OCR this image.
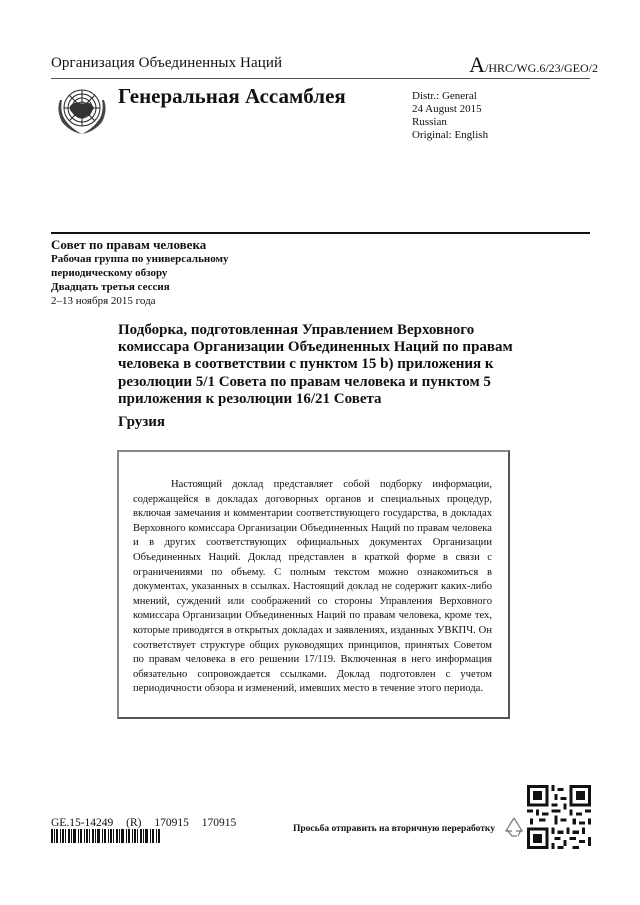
Организация Объединенных Наций	A/HRC/WG.6/23/GEO/2
Генеральная Ассамблея	Distr.: General
24 August 2015
Russian
Original: English
Совет по правам человека
Рабочая группа по универсальному
периодическому обзору
Двадцать третья сессия
2–13 ноября 2015 года
Подборка, подготовленная Управлением Верховного комиссара Организации Объединенных Наций по правам человека в соответствии с пунктом 15 b) приложения к резолюции 5/1 Совета по правам человека и пунктом 5 приложения к резолюции 16/21 Совета
Грузия

Настоящий доклад представляет собой подборку информации, содержащейся в докладах договорных органов и специальных процедур, включая замечания и комментарии соответствующего государства, в докладах Верховного комиссара Организации Объединенных Наций по правам человека и в других соответствующих официальных документах Организации Объединенных Наций. Доклад представлен в краткой форме в связи с ограничениями по объему. С полным текстом можно ознакомиться в документах, указанных в ссылках. Настоящий доклад не содержит каких-либо мнений, суждений или соображений со стороны Управления Верховного комиссара Организации Объединенных Наций по правам человека, кроме тех, которые приводятся в открытых докладах и заявлениях, изданных УВКПЧ. Он соответствует структуре общих руководящих принципов, принятых Советом по правам человека в его решении 17/119. Включенная в него информация обязательно сопровождается ссылками. Доклад подготовлен с учетом периодичности обзора и изменений, имевших место в течение этого периода.

GE.15-14249 (R) 170915 170915	Просьба отправить на вторичную переработку
